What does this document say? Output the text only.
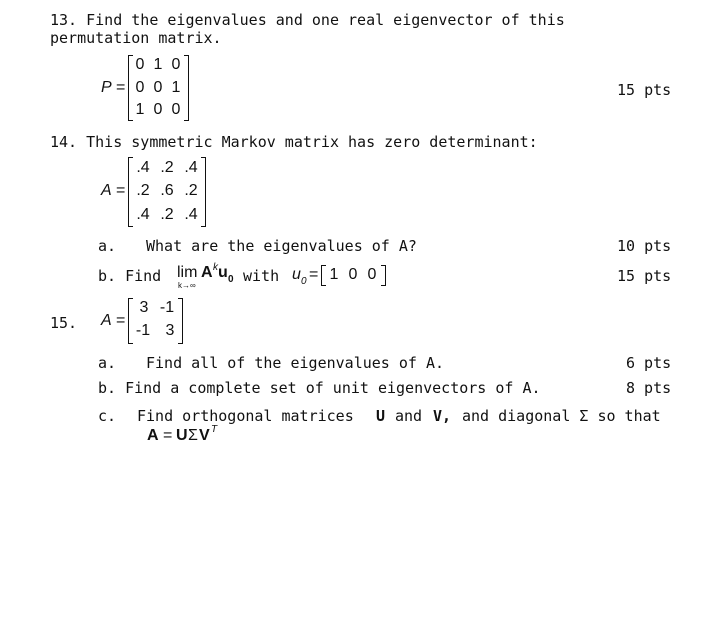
13. Find the eigenvalues and one real eigenvector of this
permutation matrix.
P =
0 1 0
0 0 1
1 0 0
15 pts
14. This symmetric Markov matrix has zero determinant:
A =
.4 .2 .4
.2 .6 .2
.4 .2 .4
a. What are the eigenvalues of A?	10 pts
b. Find lim
k→∞
A k u 0 with u 0 = 1 0 0	15 pts
15. A =
3 -1
-1 3
a. Find all of the eigenvalues of A.	6 pts
b. Find a complete set of unit eigenvectors of A.	8 pts
c. Find orthogonal matrices U and V, and diagonal Σ so that
A = U Σ V T
